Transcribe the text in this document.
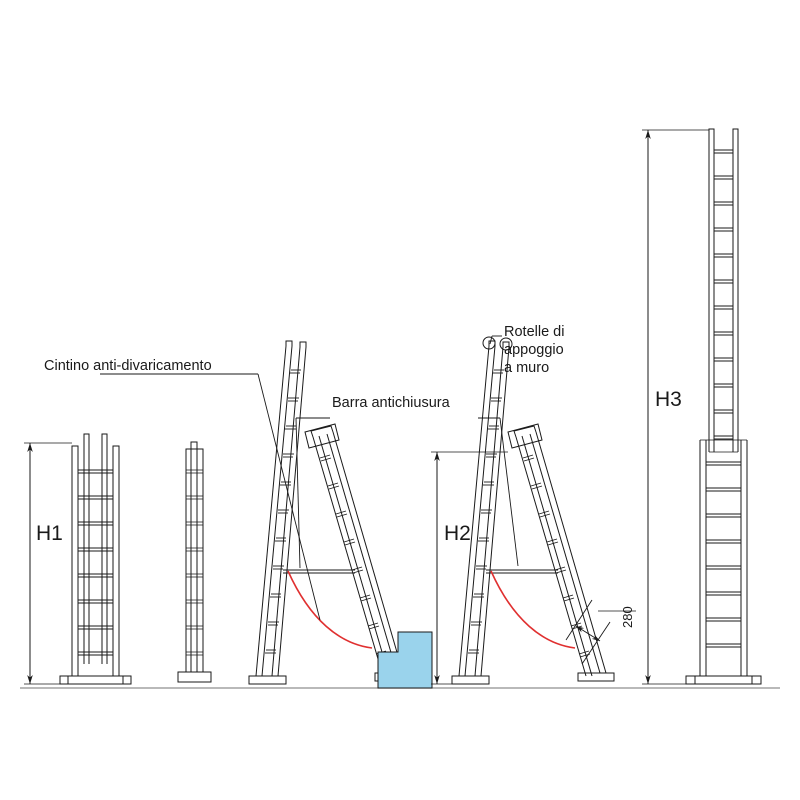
H1	H2
H3
Cintino anti-divaricamento
Barra antichiusura
Rotelle di
appoggio
a muro
280
